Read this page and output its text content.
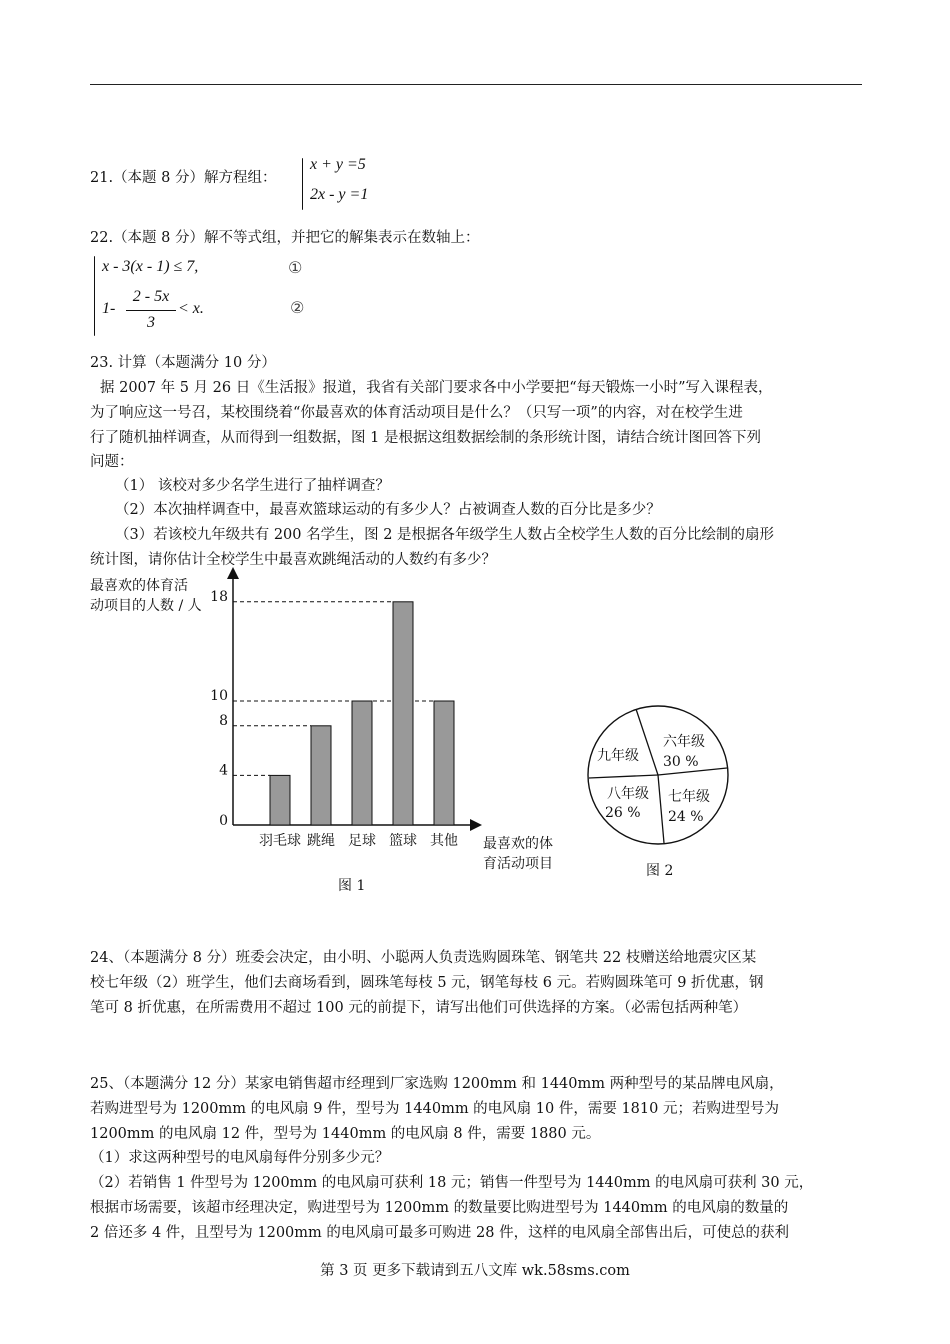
21.（本题 8 分）解方程组：
x + y =5
2x - y =1
22.（本题 8 分）解不等式组，并把它的解集表示在数轴上：
x - 3(x - 1) ≤ 7,	①
1-
2 - 5x
3
< x.	②
23. 计算（本题满分 10 分）
据 2007 年 5 月 26 日《生活报》报道，我省有关部门要求各中小学要把“每天锻炼一小时”写入课程表，
为了响应这一号召，某校围绕着“你最喜欢的体育活动项目是什么？（只写一项”的内容，对在校学生进
行了随机抽样调查，从而得到一组数据，图 1 是根据这组数据绘制的条形统计图，请结合统计图回答下列
问题：
（1） 该校对多少名学生进行了抽样调查？
（2）本次抽样调查中，最喜欢篮球运动的有多少人？占被调查人数的百分比是多少？
（3）若该校九年级共有 200 名学生，图 2 是根据各年级学生人数占全校学生人数的百分比绘制的扇形
统计图，请你估计全校学生中最喜欢跳绳活动的人数约有多少？
最喜欢的体育活
动项目的人数 / 人
0
4
8
10
18
羽毛球 跳绳 足球 篮球 其他 最喜欢的体
育活动项目
图 1
六年级
30 %
七年级
24 %
八年级
26 %
九年级
图 2
24、（本题满分 8 分）班委会决定，由小明、小聪两人负责选购圆珠笔、钢笔共 22 枝赠送给地震灾区某
校七年级（2）班学生，他们去商场看到，圆珠笔每枝 5 元，钢笔每枝 6 元。若购圆珠笔可 9 折优惠，钢
笔可 8 折优惠，在所需费用不超过 100 元的前提下，请写出他们可供选择的方案。（必需包括两种笔）
25、（本题满分 12 分）某家电销售超市经理到厂家选购 1200mm 和 1440mm 两种型号的某品牌电风扇，
若购进型号为 1200mm 的电风扇 9 件，型号为 1440mm 的电风扇 10 件，需要 1810 元；若购进型号为
1200mm 的电风扇 12 件，型号为 1440mm 的电风扇 8 件，需要 1880 元。
（1）求这两种型号的电风扇每件分别多少元？
（2）若销售 1 件型号为 1200mm 的电风扇可获利 18 元；销售一件型号为 1440mm 的电风扇可获利 30 元，
根据市场需要，该超市经理决定，购进型号为 1200mm 的数量要比购进型号为 1440mm 的电风扇的数量的
2 倍还多 4 件，且型号为 1200mm 的电风扇可最多可购进 28 件，这样的电风扇全部售出后，可使总的获利
第 3 页 更多下载请到五八文库 wk.58sms.com
